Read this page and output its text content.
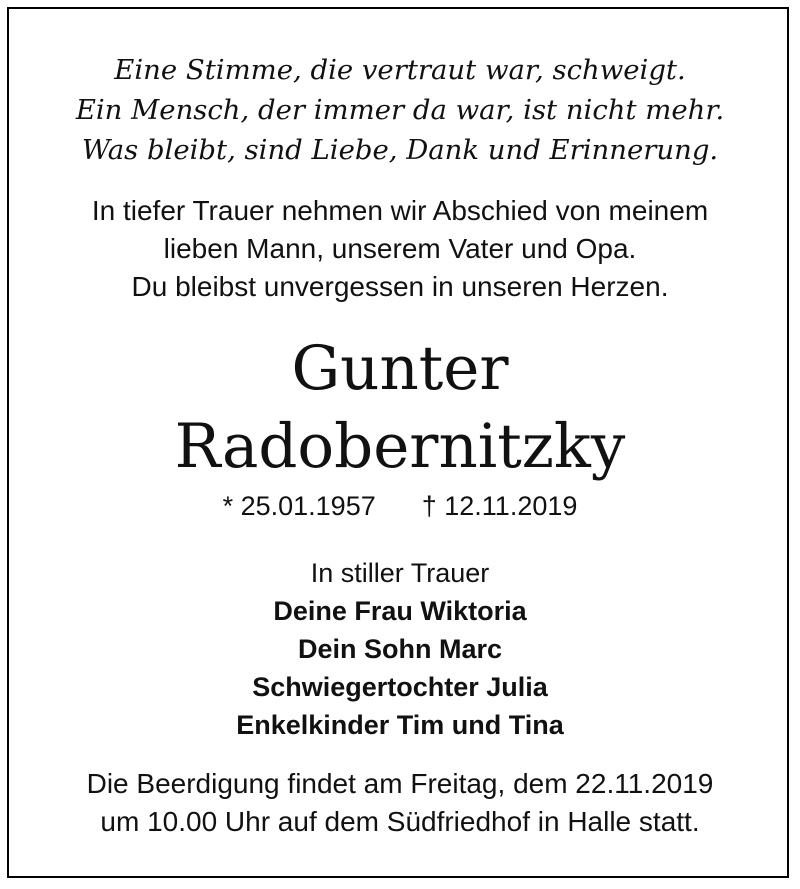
Eine Stimme, die vertraut war, schweigt.
Ein Mensch, der immer da war, ist nicht mehr.
Was bleibt, sind Liebe, Dank und Erinnerung.
In tiefer Trauer nehmen wir Abschied von meinem
lieben Mann, unserem Vater und Opa.
Du bleibst unvergessen in unseren Herzen.
Gunter
Radobernitzky
* 25.01.1957 † 12.11.2019
In stiller Trauer
Deine Frau Wiktoria
Dein Sohn Marc
Schwiegertochter Julia
Enkelkinder Tim und Tina
Die Beerdigung findet am Freitag, dem 22.11.2019
um 10.00 Uhr auf dem Südfriedhof in Halle statt.
